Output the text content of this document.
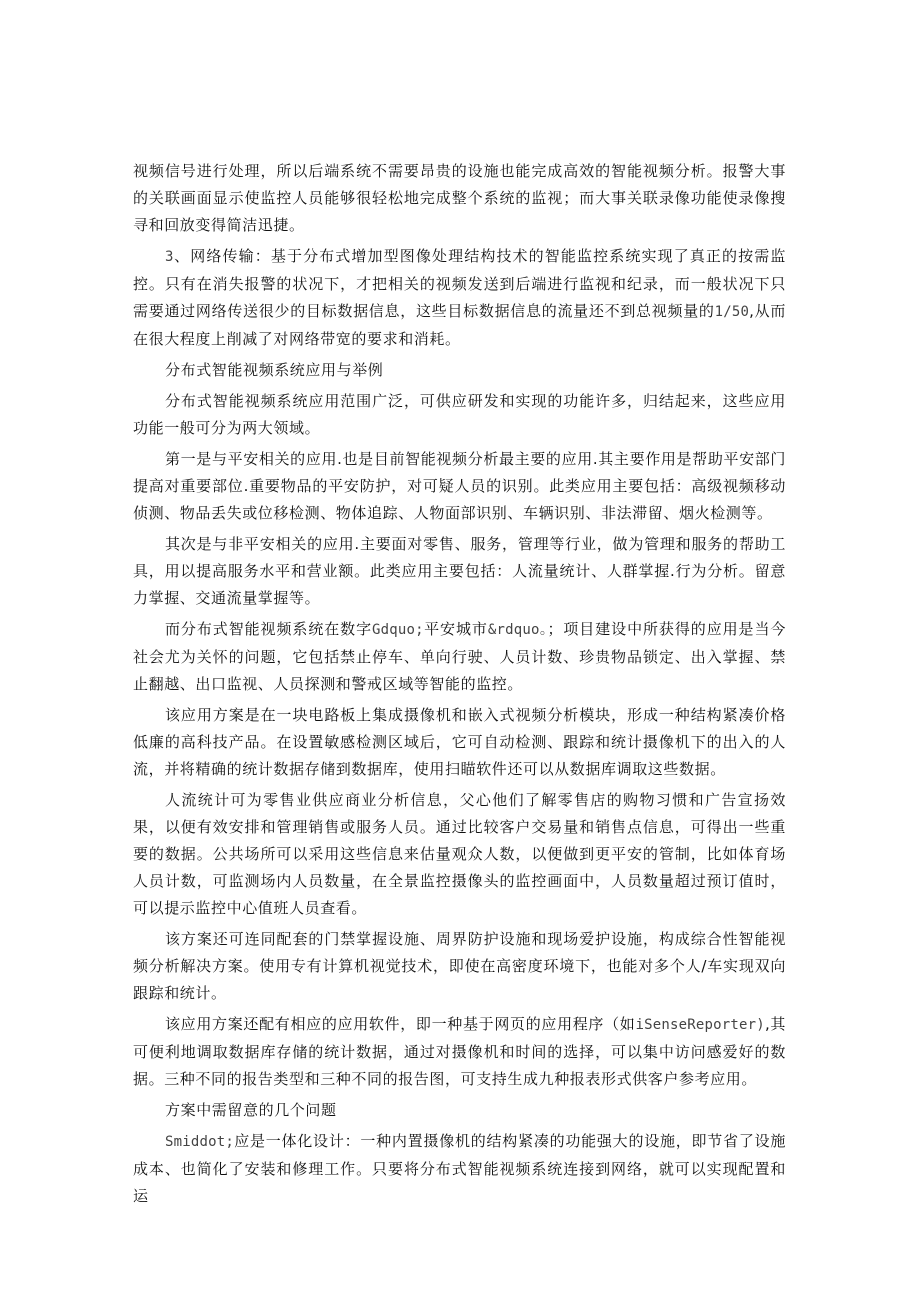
视频信号进行处理，所以后端系统不需要昂贵的设施也能完成高效的智能视频分析。报警大事的关联画面显示使监控人员能够很轻松地完成整个系统的监视；而大事关联录像功能使录像搜寻和回放变得简洁迅捷。

3、网络传输：基于分布式增加型图像处理结构技术的智能监控系统实现了真正的按需监控。只有在消失报警的状况下，才把相关的视频发送到后端进行监视和纪录，而一般状况下只需要通过网络传送很少的目标数据信息，这些目标数据信息的流量还不到总视频量的1/50,从而在很大程度上削减了对网络带宽的要求和消耗。

分布式智能视频系统应用与举例

分布式智能视频系统应用范围广泛，可供应研发和实现的功能许多，归结起来，这些应用功能一般可分为两大领域。

第一是与平安相关的应用.也是目前智能视频分析最主要的应用.其主要作用是帮助平安部门提高对重要部位.重要物品的平安防护，对可疑人员的识别。此类应用主要包括：高级视频移动侦测、物品丢失或位移检测、物体追踪、人物面部识别、车辆识别、非法滞留、烟火检测等。

其次是与非平安相关的应用.主要面对零售、服务，管理等行业，做为管理和服务的帮助工具，用以提高服务水平和营业额。此类应用主要包括：人流量统计、人群掌握.行为分析。留意力掌握、交通流量掌握等。

而分布式智能视频系统在数字Gdquo;平安城市&rdquo。；项目建设中所获得的应用是当今社会尤为关怀的问题，它包括禁止停车、单向行驶、人员计数、珍贵物品锁定、出入掌握、禁止翻越、出口监视、人员探测和警戒区域等智能的监控。

该应用方案是在一块电路板上集成摄像机和嵌入式视频分析模块，形成一种结构紧凑价格低廉的高科技产品。在设置敏感检测区域后，它可自动检测、跟踪和统计摄像机下的出入的人流，并将精确的统计数据存储到数据库，使用扫瞄软件还可以从数据库调取这些数据。

人流统计可为零售业供应商业分析信息，父心他们了解零售店的购物习惯和广告宣扬效果，以便有效安排和管理销售或服务人员。通过比较客户交易量和销售点信息，可得出一些重要的数据。公共场所可以采用这些信息来估量观众人数，以便做到更平安的管制，比如体育场人员计数，可监测场内人员数量，在全景监控摄像头的监控画面中，人员数量超过预订值时，可以提示监控中心值班人员查看。

该方案还可连同配套的门禁掌握设施、周界防护设施和现场爱护设施，构成综合性智能视频分析解决方案。使用专有计算机视觉技术，即使在高密度环境下，也能对多个人/车实现双向跟踪和统计。

该应用方案还配有相应的应用软件，即一种基于网页的应用程序（如iSenseReporter),其可便利地调取数据库存储的统计数据，通过对摄像机和时间的选择，可以集中访问感爱好的数据。三种不同的报告类型和三种不同的报告图，可支持生成九种报表形式供客户参考应用。

方案中需留意的几个问题

Smiddot;应是一体化设计：一种内置摄像机的结构紧凑的功能强大的设施，即节省了设施成本、也简化了安装和修理工作。只要将分布式智能视频系统连接到网络，就可以实现配置和运
